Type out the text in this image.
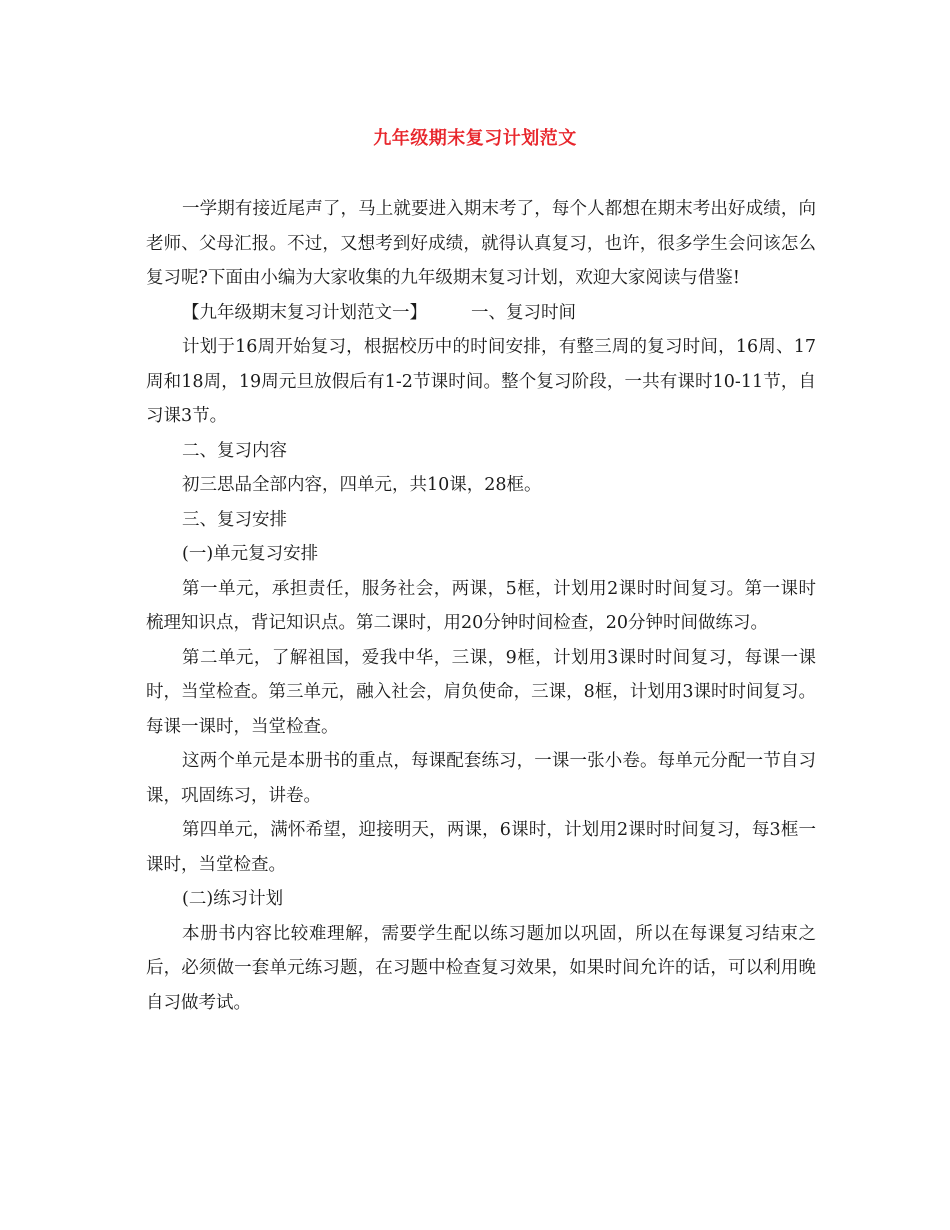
九年级期末复习计划范文

一学期有接近尾声了，马上就要进入期末考了，每个人都想在期末考出好成绩，向老师、父母汇报。不过，又想考到好成绩，就得认真复习，也许，很多学生会问该怎么复习呢?下面由小编为大家收集的九年级期末复习计划，欢迎大家阅读与借鉴!

【九年级期末复习计划范文一】	一、复习时间

计划于16周开始复习，根据校历中的时间安排，有整三周的复习时间，16周、17周和18周，19周元旦放假后有1-2节课时间。整个复习阶段，一共有课时10-11节，自习课3节。

二、复习内容

初三思品全部内容，四单元，共10课，28框。

三、复习安排

(一)单元复习安排

第一单元，承担责任，服务社会，两课，5框，计划用2课时时间复习。第一课时梳理知识点，背记知识点。第二课时，用20分钟时间检查，20分钟时间做练习。

第二单元，了解祖国，爱我中华，三课，9框，计划用3课时时间复习，每课一课时，当堂检查。第三单元，融入社会，肩负使命，三课，8框，计划用3课时时间复习。每课一课时，当堂检查。

这两个单元是本册书的重点，每课配套练习，一课一张小卷。每单元分配一节自习课，巩固练习，讲卷。

第四单元，满怀希望，迎接明天，两课，6课时，计划用2课时时间复习，每3框一课时，当堂检查。

(二)练习计划

本册书内容比较难理解，需要学生配以练习题加以巩固，所以在每课复习结束之后，必须做一套单元练习题，在习题中检查复习效果，如果时间允许的话，可以利用晚自习做考试。
